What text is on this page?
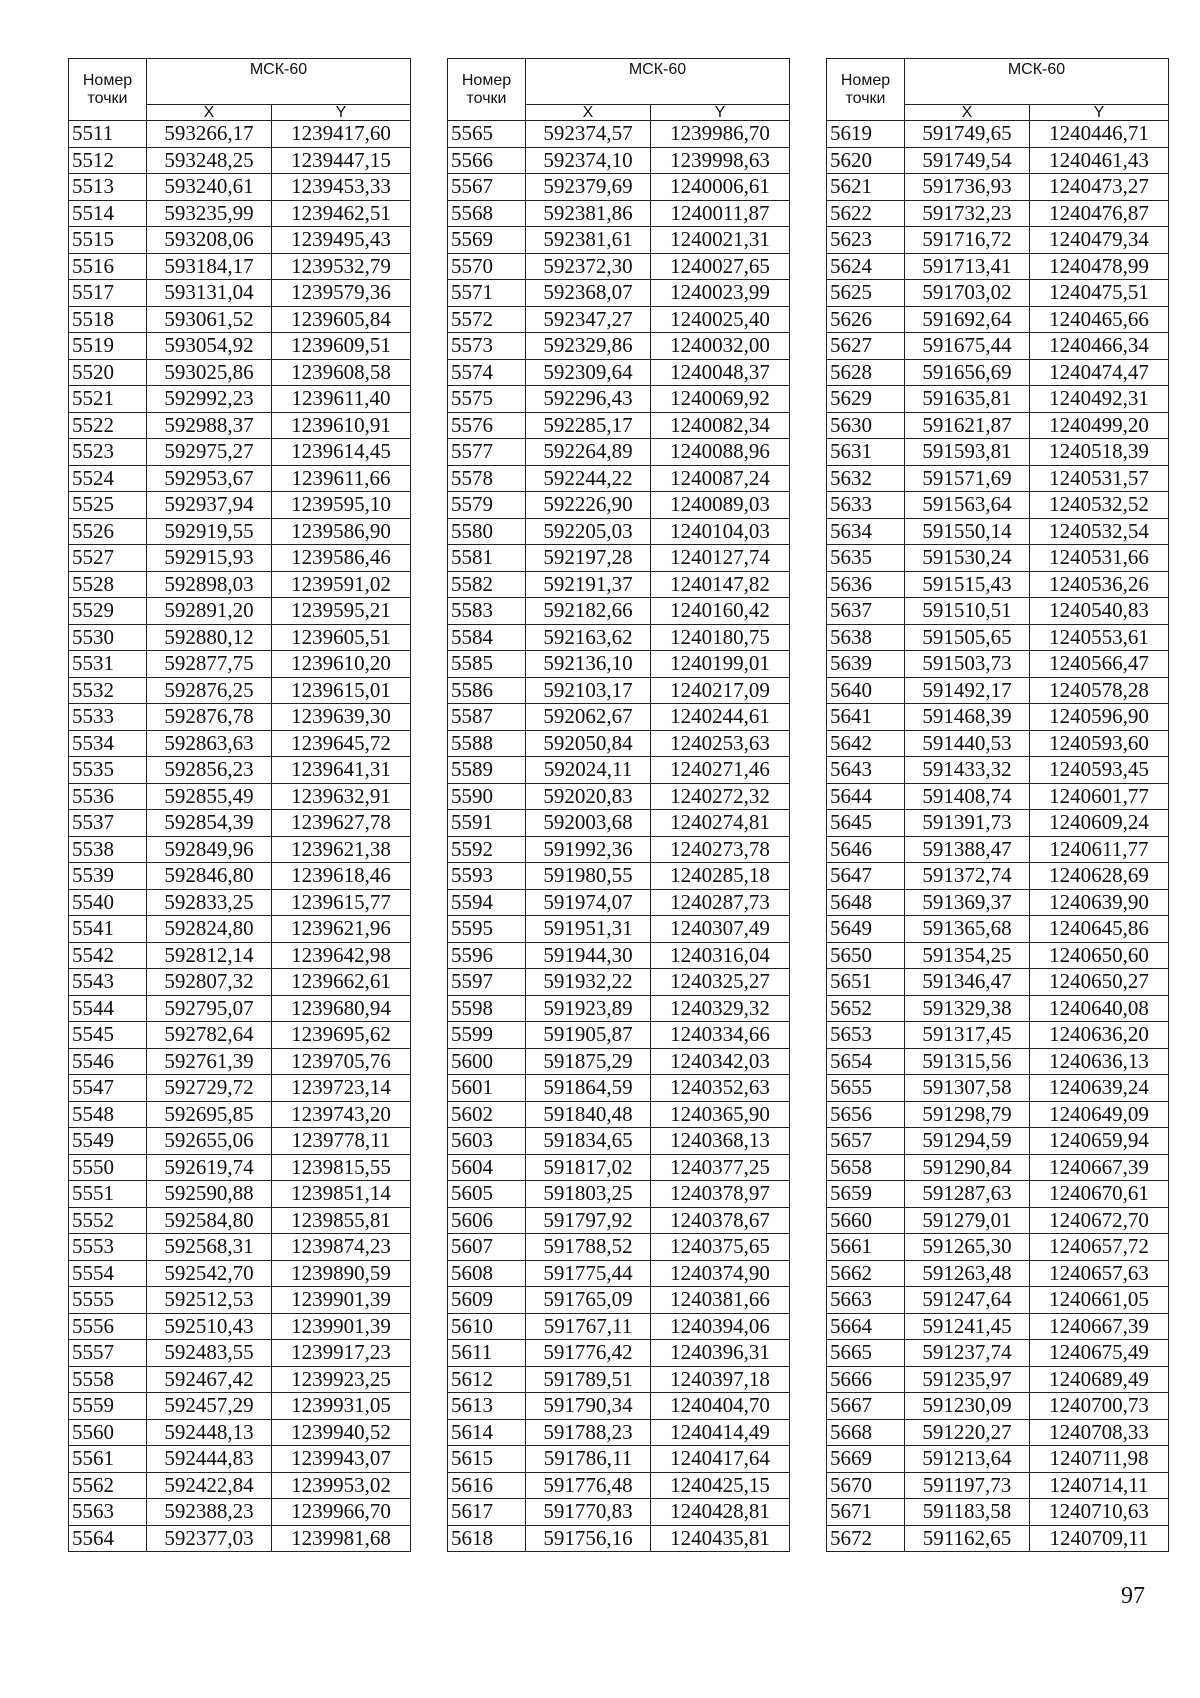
Номер точки	МСК-60	
	X	Y
5511	593266,17	1239417,60
5512	593248,25	1239447,15
5513	593240,61	1239453,33
5514	593235,99	1239462,51
5515	593208,06	1239495,43
5516	593184,17	1239532,79
5517	593131,04	1239579,36
5518	593061,52	1239605,84
5519	593054,92	1239609,51
5520	593025,86	1239608,58
5521	592992,23	1239611,40
5522	592988,37	1239610,91
5523	592975,27	1239614,45
5524	592953,67	1239611,66
5525	592937,94	1239595,10
5526	592919,55	1239586,90
5527	592915,93	1239586,46
5528	592898,03	1239591,02
5529	592891,20	1239595,21
5530	592880,12	1239605,51
5531	592877,75	1239610,20
5532	592876,25	1239615,01
5533	592876,78	1239639,30
5534	592863,63	1239645,72
5535	592856,23	1239641,31
5536	592855,49	1239632,91
5537	592854,39	1239627,78
5538	592849,96	1239621,38
5539	592846,80	1239618,46
5540	592833,25	1239615,77
5541	592824,80	1239621,96
5542	592812,14	1239642,98
5543	592807,32	1239662,61
5544	592795,07	1239680,94
5545	592782,64	1239695,62
5546	592761,39	1239705,76
5547	592729,72	1239723,14
5548	592695,85	1239743,20
5549	592655,06	1239778,11
5550	592619,74	1239815,55
5551	592590,88	1239851,14
5552	592584,80	1239855,81
5553	592568,31	1239874,23
5554	592542,70	1239890,59
5555	592512,53	1239901,39
5556	592510,43	1239901,39
5557	592483,55	1239917,23
5558	592467,42	1239923,25
5559	592457,29	1239931,05
5560	592448,13	1239940,52
5561	592444,83	1239943,07
5562	592422,84	1239953,02
5563	592388,23	1239966,70
5564	592377,03	1239981,68
Номер точки	МСК-60	
	X	Y
5565	592374,57	1239986,70
5566	592374,10	1239998,63
5567	592379,69	1240006,61
5568	592381,86	1240011,87
5569	592381,61	1240021,31
5570	592372,30	1240027,65
5571	592368,07	1240023,99
5572	592347,27	1240025,40
5573	592329,86	1240032,00
5574	592309,64	1240048,37
5575	592296,43	1240069,92
5576	592285,17	1240082,34
5577	592264,89	1240088,96
5578	592244,22	1240087,24
5579	592226,90	1240089,03
5580	592205,03	1240104,03
5581	592197,28	1240127,74
5582	592191,37	1240147,82
5583	592182,66	1240160,42
5584	592163,62	1240180,75
5585	592136,10	1240199,01
5586	592103,17	1240217,09
5587	592062,67	1240244,61
5588	592050,84	1240253,63
5589	592024,11	1240271,46
5590	592020,83	1240272,32
5591	592003,68	1240274,81
5592	591992,36	1240273,78
5593	591980,55	1240285,18
5594	591974,07	1240287,73
5595	591951,31	1240307,49
5596	591944,30	1240316,04
5597	591932,22	1240325,27
5598	591923,89	1240329,32
5599	591905,87	1240334,66
5600	591875,29	1240342,03
5601	591864,59	1240352,63
5602	591840,48	1240365,90
5603	591834,65	1240368,13
5604	591817,02	1240377,25
5605	591803,25	1240378,97
5606	591797,92	1240378,67
5607	591788,52	1240375,65
5608	591775,44	1240374,90
5609	591765,09	1240381,66
5610	591767,11	1240394,06
5611	591776,42	1240396,31
5612	591789,51	1240397,18
5613	591790,34	1240404,70
5614	591788,23	1240414,49
5615	591786,11	1240417,64
5616	591776,48	1240425,15
5617	591770,83	1240428,81
5618	591756,16	1240435,81
Номер точки	МСК-60	
	X	Y
5619	591749,65	1240446,71
5620	591749,54	1240461,43
5621	591736,93	1240473,27
5622	591732,23	1240476,87
5623	591716,72	1240479,34
5624	591713,41	1240478,99
5625	591703,02	1240475,51
5626	591692,64	1240465,66
5627	591675,44	1240466,34
5628	591656,69	1240474,47
5629	591635,81	1240492,31
5630	591621,87	1240499,20
5631	591593,81	1240518,39
5632	591571,69	1240531,57
5633	591563,64	1240532,52
5634	591550,14	1240532,54
5635	591530,24	1240531,66
5636	591515,43	1240536,26
5637	591510,51	1240540,83
5638	591505,65	1240553,61
5639	591503,73	1240566,47
5640	591492,17	1240578,28
5641	591468,39	1240596,90
5642	591440,53	1240593,60
5643	591433,32	1240593,45
5644	591408,74	1240601,77
5645	591391,73	1240609,24
5646	591388,47	1240611,77
5647	591372,74	1240628,69
5648	591369,37	1240639,90
5649	591365,68	1240645,86
5650	591354,25	1240650,60
5651	591346,47	1240650,27
5652	591329,38	1240640,08
5653	591317,45	1240636,20
5654	591315,56	1240636,13
5655	591307,58	1240639,24
5656	591298,79	1240649,09
5657	591294,59	1240659,94
5658	591290,84	1240667,39
5659	591287,63	1240670,61
5660	591279,01	1240672,70
5661	591265,30	1240657,72
5662	591263,48	1240657,63
5663	591247,64	1240661,05
5664	591241,45	1240667,39
5665	591237,74	1240675,49
5666	591235,97	1240689,49
5667	591230,09	1240700,73
5668	591220,27	1240708,33
5669	591213,64	1240711,98
5670	591197,73	1240714,11
5671	591183,58	1240710,63
5672	591162,65	1240709,11
97
